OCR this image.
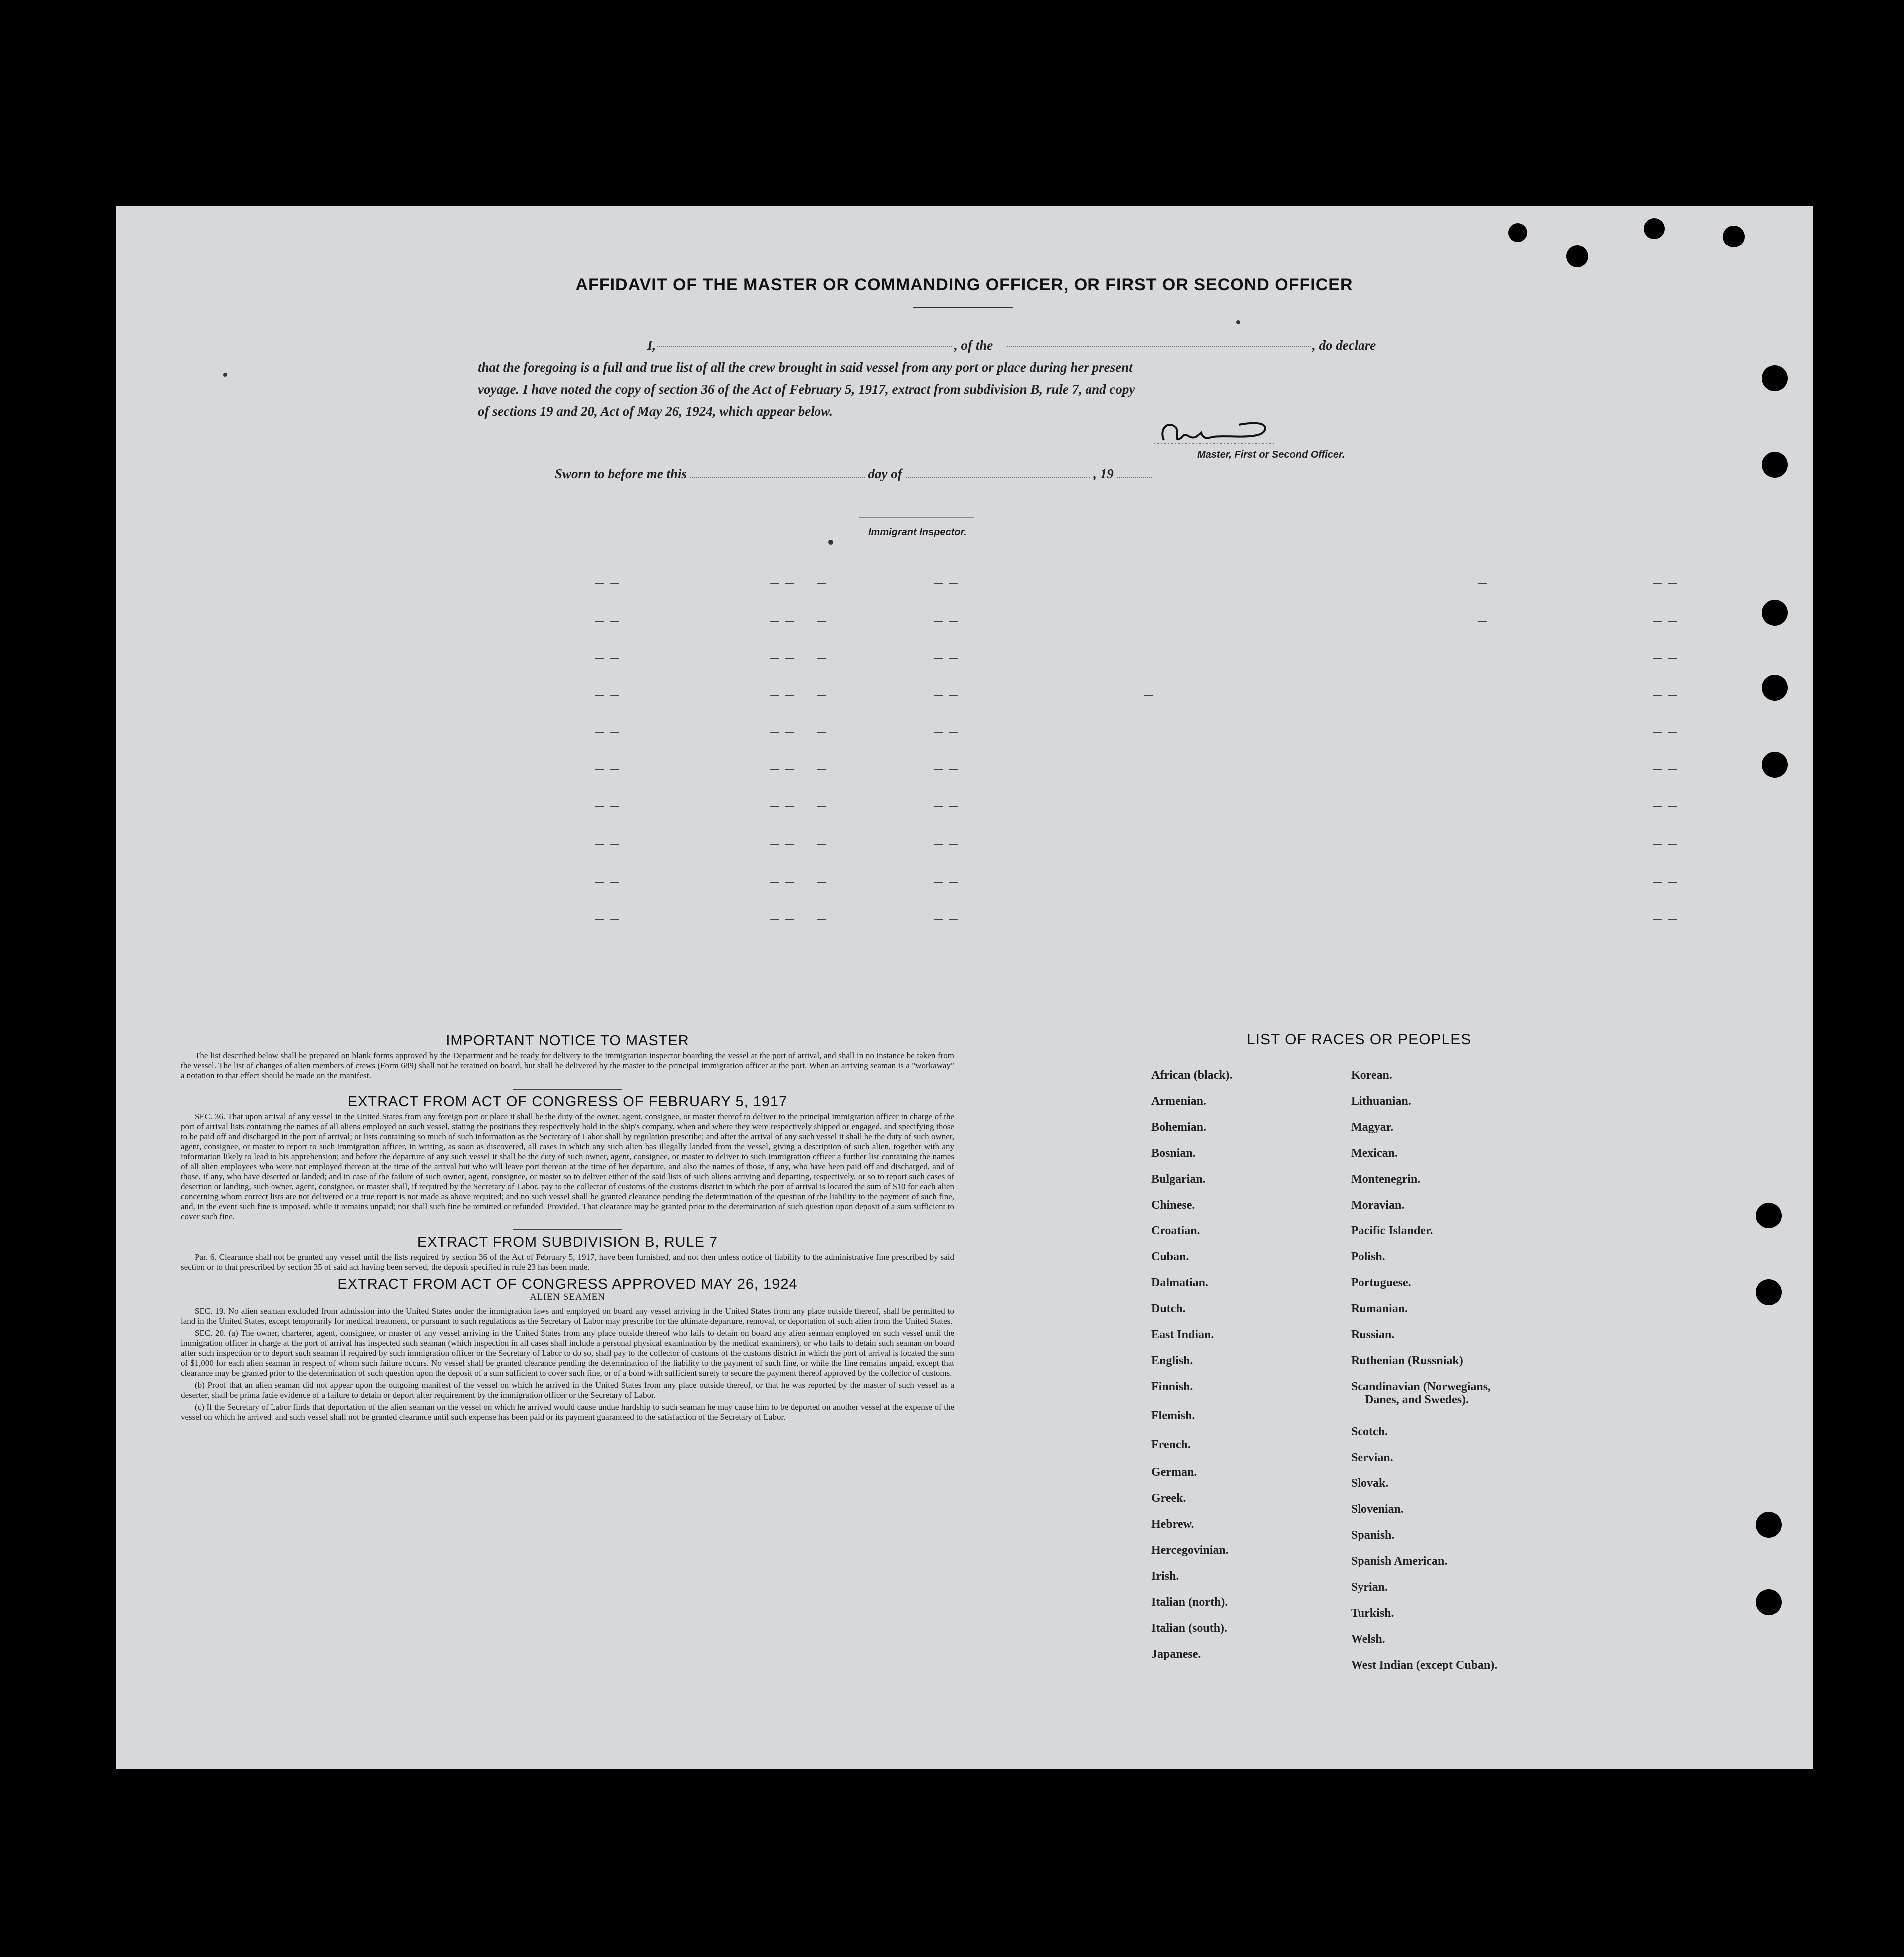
AFFIDAVIT OF THE MASTER OR COMMANDING OFFICER, OR FIRST OR SECOND OFFICER
I,	, of the	, do declare
that the foregoing is a full and true list of all the crew brought in said vessel from any port or place during her present
voyage. I have noted the copy of section 36 of the Act of February 5, 1917, extract from subdivision B, rule 7, and copy
of sections 19 and 20, Act of May 26, 1924, which appear below.
Master, First or Second Officer.
Sworn to before me this	day of	, 19
Immigrant Inspector.
IMPORTANT NOTICE TO MASTER

The list described below shall be prepared on blank forms approved by the Department and be ready for delivery to the immigration inspector boarding the vessel at the port of arrival, and shall in no instance be taken from the vessel. The list of changes of alien members of crews (Form 689) shall not be retained on board, but shall be delivered by the master to the principal immigration officer at the port. When an arriving seaman is a "workaway" a notation to that effect should be made on the manifest.

EXTRACT FROM ACT OF CONGRESS OF FEBRUARY 5, 1917

SEC. 36. That upon arrival of any vessel in the United States from any foreign port or place it shall be the duty of the owner, agent, consignee, or master thereof to deliver to the principal immigration officer in charge of the port of arrival lists containing the names of all aliens employed on such vessel, stating the positions they respectively hold in the ship's company, when and where they were respectively shipped or engaged, and specifying those to be paid off and discharged in the port of arrival; or lists containing so much of such information as the Secretary of Labor shall by regulation prescribe; and after the arrival of any such vessel it shall be the duty of such owner, agent, consignee, or master to report to such immigration officer, in writing, as soon as discovered, all cases in which any such alien has illegally landed from the vessel, giving a description of such alien, together with any information likely to lead to his apprehension; and before the departure of any such vessel it shall be the duty of such owner, agent, consignee, or master to deliver to such immigration officer a further list containing the names of all alien employees who were not employed thereon at the time of the arrival but who will leave port thereon at the time of her departure, and also the names of those, if any, who have been paid off and discharged, and of those, if any, who have deserted or landed; and in case of the failure of such owner, agent, consignee, or master so to deliver either of the said lists of such aliens arriving and departing, respectively, or so to report such cases of desertion or landing, such owner, agent, consignee, or master shall, if required by the Secretary of Labor, pay to the collector of customs of the customs district in which the port of arrival is located the sum of $10 for each alien concerning whom correct lists are not delivered or a true report is not made as above required; and no such vessel shall be granted clearance pending the determination of the question of the liability to the payment of such fine, and, in the event such fine is imposed, while it remains unpaid; nor shall such fine be remitted or refunded: Provided, That clearance may be granted prior to the determination of such question upon deposit of a sum sufficient to cover such fine.

EXTRACT FROM SUBDIVISION B, RULE 7

Par. 6. Clearance shall not be granted any vessel until the lists required by section 36 of the Act of February 5, 1917, have been furnished, and not then unless notice of liability to the administrative fine prescribed by said section or to that prescribed by section 35 of said act having been served, the deposit specified in rule 23 has been made.

EXTRACT FROM ACT OF CONGRESS APPROVED MAY 26, 1924
ALIEN SEAMEN

SEC. 19. No alien seaman excluded from admission into the United States under the immigration laws and employed on board any vessel arriving in the United States from any place outside thereof, shall be permitted to land in the United States, except temporarily for medical treatment, or pursuant to such regulations as the Secretary of Labor may prescribe for the ultimate departure, removal, or deportation of such alien from the United States.

SEC. 20. (a) The owner, charterer, agent, consignee, or master of any vessel arriving in the United States from any place outside thereof who fails to detain on board any alien seaman employed on such vessel until the immigration officer in charge at the port of arrival has inspected such seaman (which inspection in all cases shall include a personal physical examination by the medical examiners), or who fails to detain such seaman on board after such inspection or to deport such seaman if required by such immigration officer or the Secretary of Labor to do so, shall pay to the collector of customs of the customs district in which the port of arrival is located the sum of $1,000 for each alien seaman in respect of whom such failure occurs. No vessel shall be granted clearance pending the determination of the liability to the payment of such fine, or while the fine remains unpaid, except that clearance may be granted prior to the determination of such question upon the deposit of a sum sufficient to cover such fine, or of a bond with sufficient surety to secure the payment thereof approved by the collector of customs.

(b) Proof that an alien seaman did not appear upon the outgoing manifest of the vessel on which he arrived in the United States from any place outside thereof, or that he was reported by the master of such vessel as a deserter, shall be prima facie evidence of a failure to detain or deport after requirement by the immigration officer or the Secretary of Labor.

(c) If the Secretary of Labor finds that deportation of the alien seaman on the vessel on which he arrived would cause undue hardship to such seaman he may cause him to be deported on another vessel at the expense of the vessel on which he arrived, and such vessel shall not be granted clearance until such expense has been paid or its payment guaranteed to the satisfaction of the Secretary of Labor.

LIST OF RACES OR PEOPLES
African (black).
Armenian.
Bohemian.
Bosnian.
Bulgarian.
Chinese.
Croatian.
Cuban.
Dalmatian.
Dutch.
East Indian.
English.
Finnish.
Flemish.
French.
German.
Greek.
Hebrew.
Hercegovinian.
Irish.
Italian (north).
Italian (south).
Japanese.
Korean.
Lithuanian.
Magyar.
Mexican.
Montenegrin.
Moravian.
Pacific Islander.
Polish.
Portuguese.
Rumanian.
Russian.
Ruthenian (Russniak)
Scandinavian (Norwegians,
Danes, and Swedes).
Scotch.
Servian.
Slovak.
Slovenian.
Spanish.
Spanish American.
Syrian.
Turkish.
Welsh.
West Indian (except Cuban).
